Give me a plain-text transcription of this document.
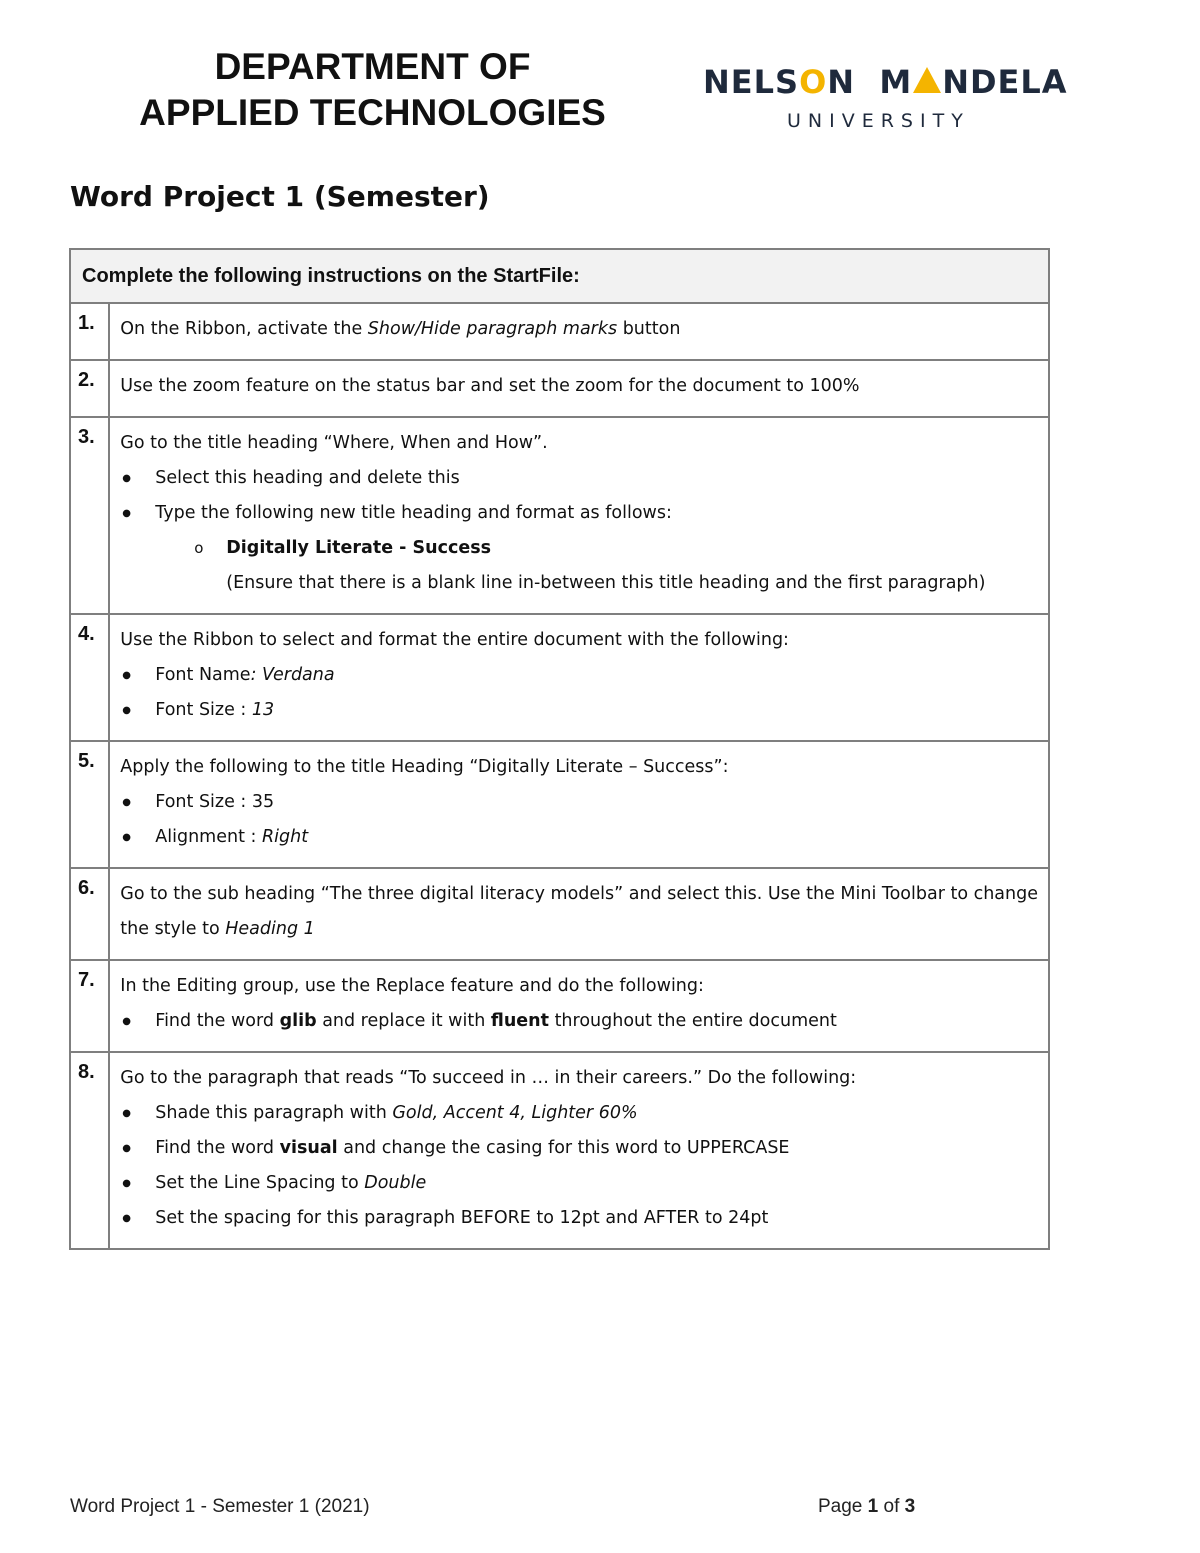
DEPARTMENT OF
APPLIED TECHNOLOGIES
NELSON M NDELA
UNIVERSITY
Word Project 1 (Semester)
Complete the following instructions on the StartFile:	
1.	On the Ribbon, activate the Show/Hide paragraph marks button

2.	Use the zoom feature on the status bar and set the zoom for the document to 100%

3.	Go to the title heading “Where, When and How”.
● Select this heading and delete this
● Type the following new title heading and format as follows:
o Digitally Literate - Success
(Ensure that there is a blank line in-between this title heading and the first paragraph)

4.	Use the Ribbon to select and format the entire document with the following:
● Font Name: Verdana
● Font Size : 13

5.	Apply the following to the title Heading “Digitally Literate – Success”:
● Font Size : 35
● Alignment : Right

6.	Go to the sub heading “The three digital literacy models” and select this. Use the Mini Toolbar to change
the style to Heading 1

7.	In the Editing group, use the Replace feature and do the following:
● Find the word glib and replace it with fluent throughout the entire document

8.	Go to the paragraph that reads “To succeed in … in their careers.” Do the following:
● Shade this paragraph with Gold, Accent 4, Lighter 60%
● Find the word visual and change the casing for this word to UPPERCASE
● Set the Line Spacing to Double
● Set the spacing for this paragraph BEFORE to 12pt and AFTER to 24pt
Word Project 1 - Semester 1 (2021)	Page 1 of 3
